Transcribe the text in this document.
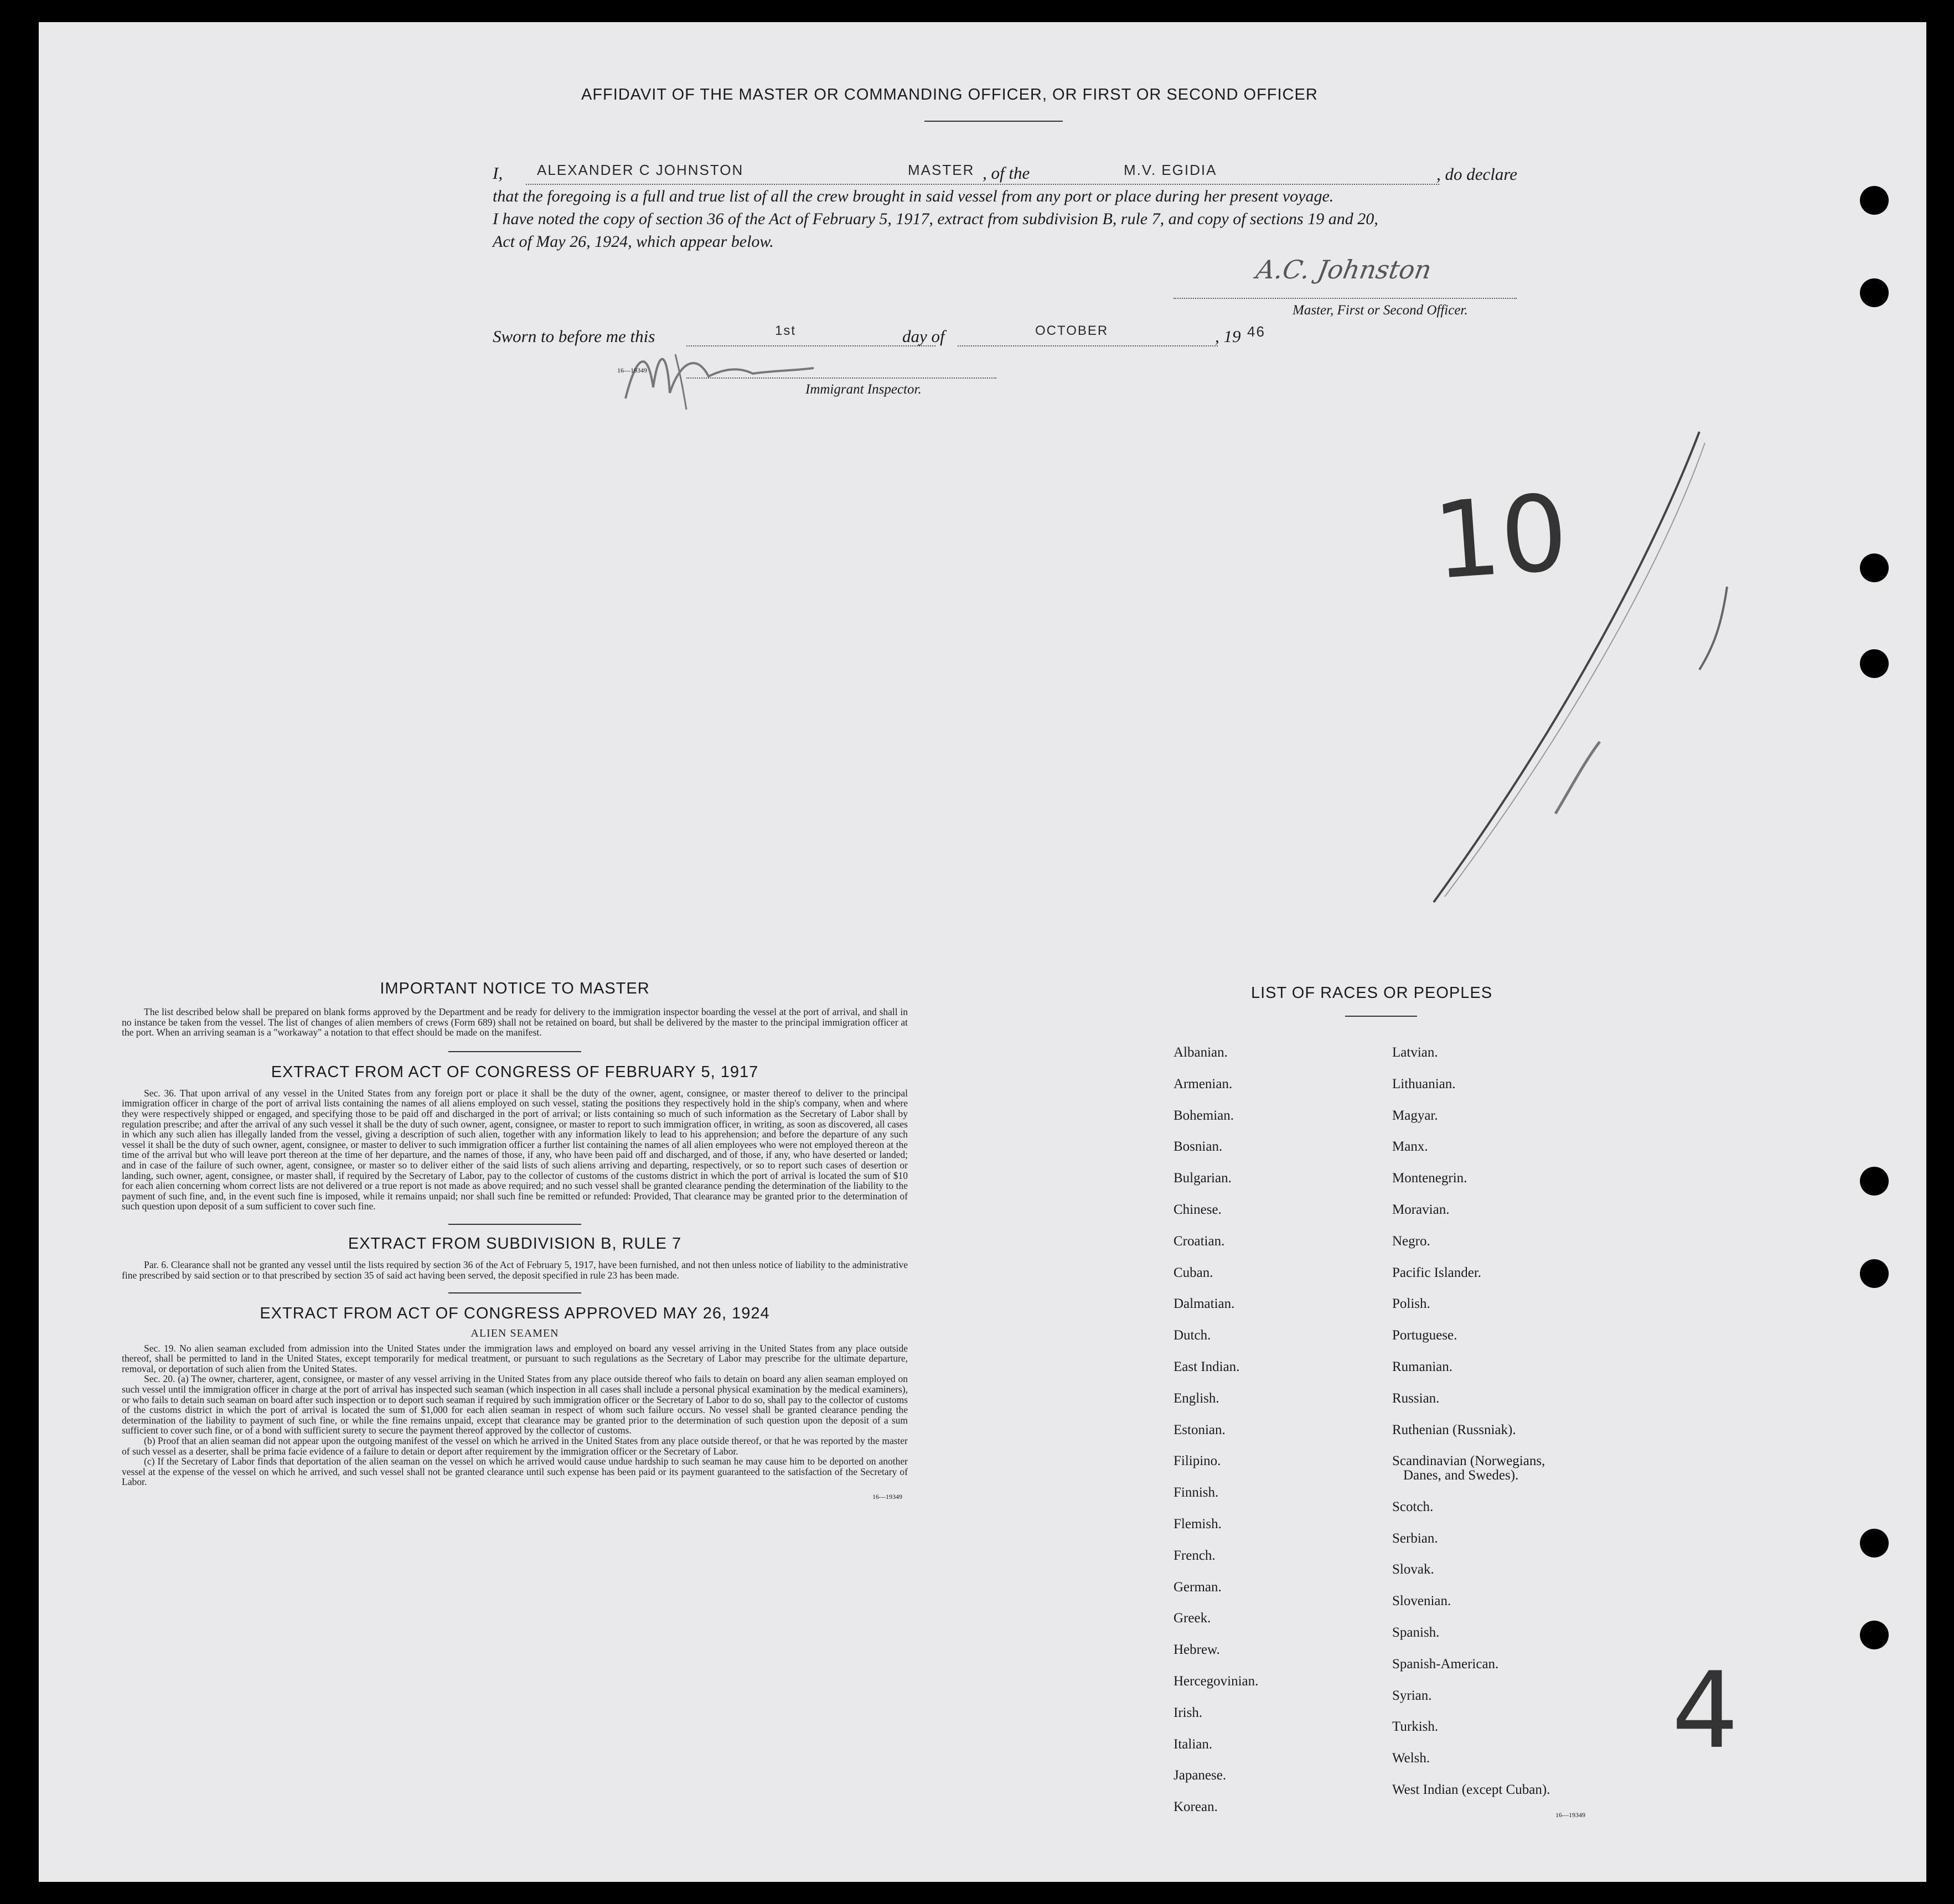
AFFIDAVIT OF THE MASTER OR COMMANDING OFFICER, OR FIRST OR SECOND OFFICER
I, ALEXANDER C JOHNSTON	MASTER , of the	M.V. EGIDIA	, do declare
that the foregoing is a full and true list of all the crew brought in said vessel from any port or place during her present voyage.
I have noted the copy of section 36 of the Act of February 5, 1917, extract from subdivision B, rule 7, and copy of sections 19 and 20,
Act of May 26, 1924, which appear below.
A.C. Johnston
Master, First or Second Officer.
Sworn to before me this	1st	day of	OCTOBER	, 19 46
16—19349
Immigrant Inspector.
10
4
IMPORTANT NOTICE TO MASTER
The list described below shall be prepared on blank forms approved by the Department and be ready for delivery to the immigration inspector boarding the vessel at the port of arrival, and shall in no instance be taken from the vessel. The list of changes of alien members of crews (Form 689) shall not be retained on board, but shall be delivered by the master to the principal immigration officer at the port. When an arriving seaman is a "workaway" a notation to that effect should be made on the manifest.
EXTRACT FROM ACT OF CONGRESS OF FEBRUARY 5, 1917
Sec. 36. That upon arrival of any vessel in the United States from any foreign port or place it shall be the duty of the owner, agent, consignee, or master thereof to deliver to the principal immigration officer in charge of the port of arrival lists containing the names of all aliens employed on such vessel, stating the positions they respectively hold in the ship's company, when and where they were respectively shipped or engaged, and specifying those to be paid off and discharged in the port of arrival; or lists containing so much of such information as the Secretary of Labor shall by regulation prescribe; and after the arrival of any such vessel it shall be the duty of such owner, agent, consignee, or master to report to such immigration officer, in writing, as soon as discovered, all cases in which any such alien has illegally landed from the vessel, giving a description of such alien, together with any information likely to lead to his apprehension; and before the departure of any such vessel it shall be the duty of such owner, agent, consignee, or master to deliver to such immigration officer a further list containing the names of all alien employees who were not employed thereon at the time of the arrival but who will leave port thereon at the time of her departure, and the names of those, if any, who have been paid off and discharged, and of those, if any, who have deserted or landed; and in case of the failure of such owner, agent, consignee, or master so to deliver either of the said lists of such aliens arriving and departing, respectively, or so to report such cases of desertion or landing, such owner, agent, consignee, or master shall, if required by the Secretary of Labor, pay to the collector of customs of the customs district in which the port of arrival is located the sum of $10 for each alien concerning whom correct lists are not delivered or a true report is not made as above required; and no such vessel shall be granted clearance pending the determination of the liability to the payment of such fine, and, in the event such fine is imposed, while it remains unpaid; nor shall such fine be remitted or refunded: Provided, That clearance may be granted prior to the determination of such question upon deposit of a sum sufficient to cover such fine.
EXTRACT FROM SUBDIVISION B, RULE 7
Par. 6. Clearance shall not be granted any vessel until the lists required by section 36 of the Act of February 5, 1917, have been furnished, and not then unless notice of liability to the administrative fine prescribed by said section or to that prescribed by section 35 of said act having been served, the deposit specified in rule 23 has been made.
EXTRACT FROM ACT OF CONGRESS APPROVED MAY 26, 1924
ALIEN SEAMEN
Sec. 19. No alien seaman excluded from admission into the United States under the immigration laws and employed on board any vessel arriving in the United States from any place outside thereof, shall be permitted to land in the United States, except temporarily for medical treatment, or pursuant to such regulations as the Secretary of Labor may prescribe for the ultimate departure, removal, or deportation of such alien from the United States.
Sec. 20. (a) The owner, charterer, agent, consignee, or master of any vessel arriving in the United States from any place outside thereof who fails to detain on board any alien seaman employed on such vessel until the immigration officer in charge at the port of arrival has inspected such seaman (which inspection in all cases shall include a personal physical examination by the medical examiners), or who fails to detain such seaman on board after such inspection or to deport such seaman if required by such immigration officer or the Secretary of Labor to do so, shall pay to the collector of customs of the customs district in which the port of arrival is located the sum of $1,000 for each alien seaman in respect of whom such failure occurs. No vessel shall be granted clearance pending the determination of the liability to payment of such fine, or while the fine remains unpaid, except that clearance may be granted prior to the determination of such question upon the deposit of a sum sufficient to cover such fine, or of a bond with sufficient surety to secure the payment thereof approved by the collector of customs.
(b) Proof that an alien seaman did not appear upon the outgoing manifest of the vessel on which he arrived in the United States from any place outside thereof, or that he was reported by the master of such vessel as a deserter, shall be prima facie evidence of a failure to detain or deport after requirement by the immigration officer or the Secretary of Labor.
(c) If the Secretary of Labor finds that deportation of the alien seaman on the vessel on which he arrived would cause undue hardship to such seaman he may cause him to be deported on another vessel at the expense of the vessel on which he arrived, and such vessel shall not be granted clearance until such expense has been paid or its payment guaranteed to the satisfaction of the Secretary of Labor.
16—19349
LIST OF RACES OR PEOPLES
16—19349
Albanian.
Armenian.
Bohemian.
Bosnian.
Bulgarian.
Chinese.
Croatian.
Cuban.
Dalmatian.
Dutch.
East Indian.
English.
Estonian.
Filipino.
Finnish.
Flemish.
French.
German.
Greek.
Hebrew.
Hercegovinian.
Irish.
Italian.
Japanese.
Korean.
Latvian.
Lithuanian.
Magyar.
Manx.
Montenegrin.
Moravian.
Negro.
Pacific Islander.
Polish.
Portuguese.
Rumanian.
Russian.
Ruthenian (Russniak).
Scandinavian (Norwegians,
Danes, and Swedes).
Scotch.
Serbian.
Slovak.
Slovenian.
Spanish.
Spanish-American.
Syrian.
Turkish.
Welsh.
West Indian (except Cuban).
